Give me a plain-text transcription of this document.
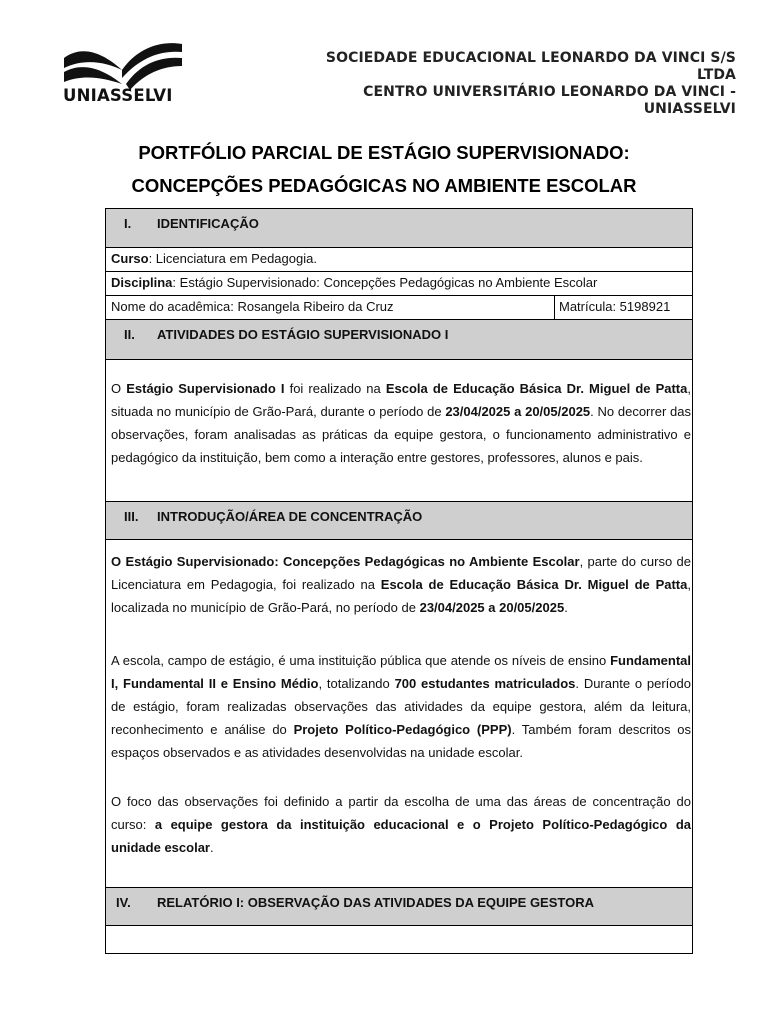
UNIASSELVI
SOCIEDADE EDUCACIONAL LEONARDO DA VINCI S/S LTDA
CENTRO UNIVERSITÁRIO LEONARDO DA VINCI - UNIASSELVI
PORTFÓLIO PARCIAL DE ESTÁGIO SUPERVISIONADO:
CONCEPÇÕES PEDAGÓGICAS NO AMBIENTE ESCOLAR
I. IDENTIFICAÇÃO
Curso: Licenciatura em Pedagogia.
Disciplina: Estágio Supervisionado: Concepções Pedagógicas no Ambiente Escolar
Nome do acadêmica: Rosangela Ribeiro da Cruz	Matrícula: 5198921
II. ATIVIDADES DO ESTÁGIO SUPERVISIONADO I
O Estágio Supervisionado I foi realizado na Escola de Educação Básica Dr. Miguel de Patta, situada no município de Grão-Pará, durante o período de 23/04/2025 a 20/05/2025. No decorrer das observações, foram analisadas as práticas da equipe gestora, o funcionamento administrativo e pedagógico da instituição, bem como a interação entre gestores, professores, alunos e pais.
III. INTRODUÇÃO/ÁREA DE CONCENTRAÇÃO
O Estágio Supervisionado: Concepções Pedagógicas no Ambiente Escolar, parte do curso de Licenciatura em Pedagogia, foi realizado na Escola de Educação Básica Dr. Miguel de Patta, localizada no município de Grão-Pará, no período de 23/04/2025 a 20/05/2025.
A escola, campo de estágio, é uma instituição pública que atende os níveis de ensino Fundamental I, Fundamental II e Ensino Médio, totalizando 700 estudantes matriculados. Durante o período de estágio, foram realizadas observações das atividades da equipe gestora, além da leitura, reconhecimento e análise do Projeto Político-Pedagógico (PPP). Também foram descritos os espaços observados e as atividades desenvolvidas na unidade escolar.
O foco das observações foi definido a partir da escolha de uma das áreas de concentração do curso: a equipe gestora da instituição educacional e o Projeto Político-Pedagógico da unidade escolar.
IV. RELATÓRIO I: OBSERVAÇÃO DAS ATIVIDADES DA EQUIPE GESTORA
